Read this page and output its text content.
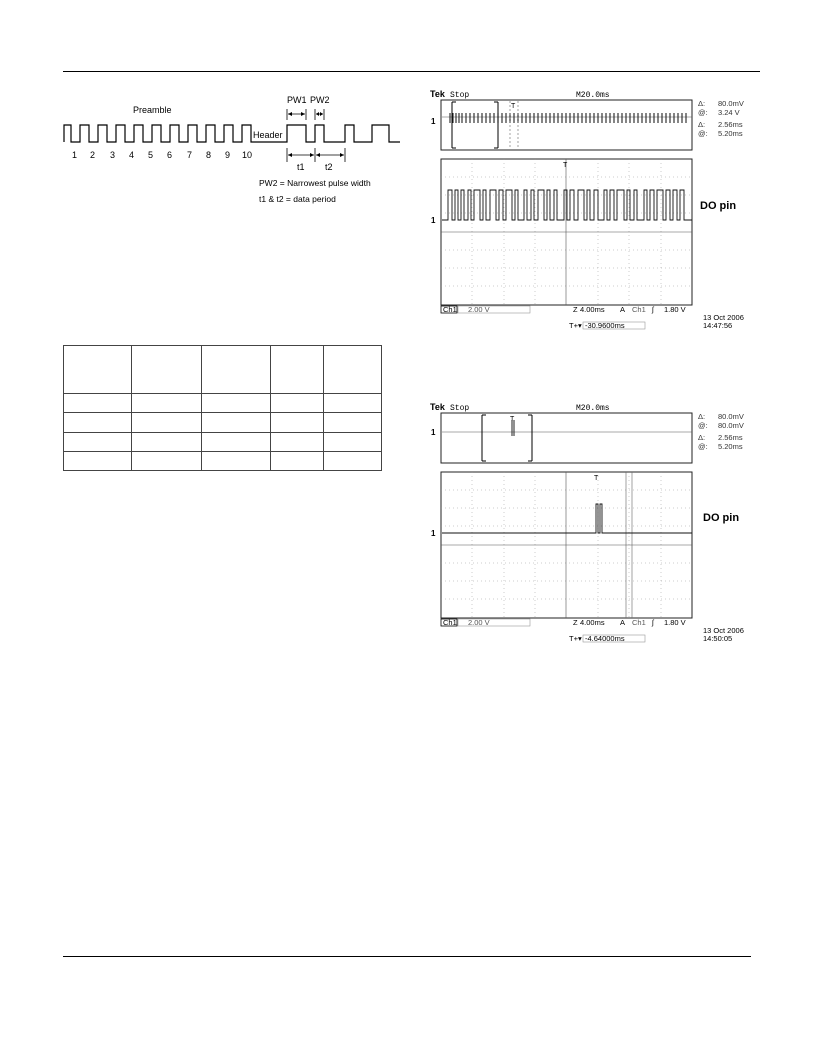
Preamble
1 2 3 4 5 6 7 8 9 10
Header
PW1 PW2
t1 t2
PW2 = Narrowest pulse width
t1 & t2 = data period

Tek Stop	M20.0ms
Δ: 80.0mV
@: 3.24 V
Δ: 2.56ms
@: 5.20ms
T
1
1
T
DO pin
Ch1 2.00 V	Z 4.00ms A Ch1 ʃ 1.80 V
T+▾ -30.9600ms
13 Oct 2006
14:47:56
Tek Stop	M20.0ms
Δ: 80.0mV
@: 80.0mV
Δ: 2.56ms
@: 5.20ms
T
1
1
T
DO pin
Ch1 2.00 V	Z 4.00ms A Ch1 ʃ 1.80 V
T+▾ -4.64000ms
13 Oct 2006
14:50:05
